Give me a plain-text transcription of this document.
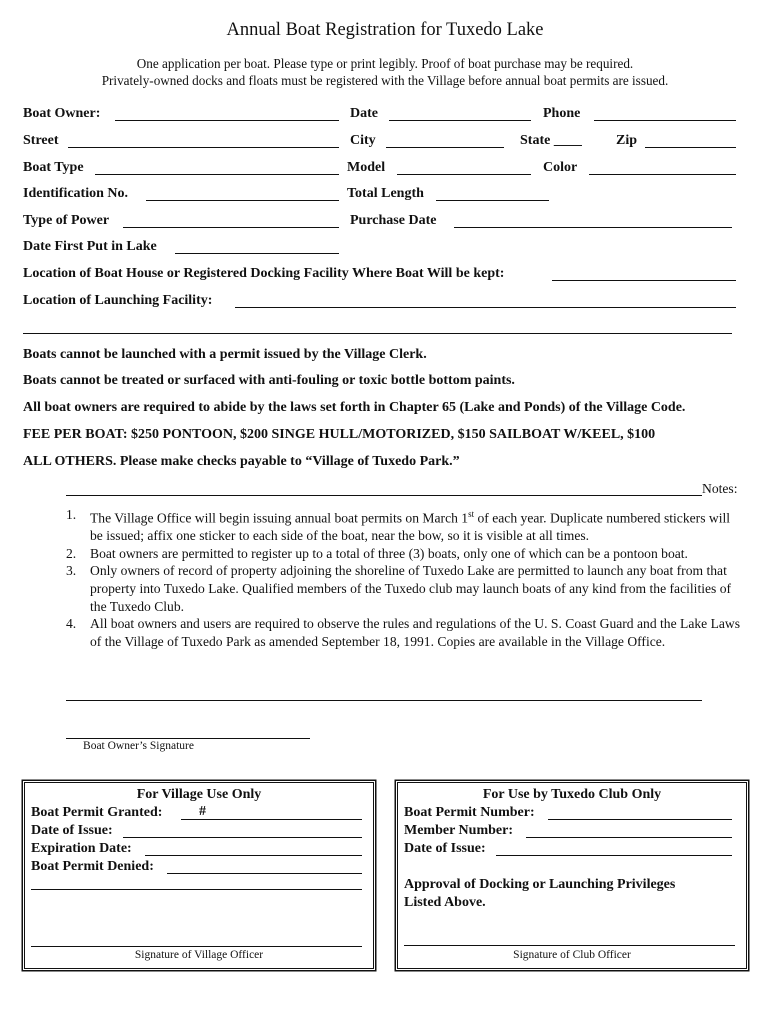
Annual Boat Registration for Tuxedo Lake
One application per boat. Please type or print legibly. Proof of boat purchase may be required.
Privately-owned docks and floats must be registered with the Village before annual boat permits are issued.
Boat Owner:	Date	Phone
Street	City	State ____ Zip
Boat Type	Model	Color
Identification No.	Total Length
Type of Power	Purchase Date
Date First Put in Lake
Location of Boat House or Registered Docking Facility Where Boat Will be kept:
Location of Launching Facility:
Boats cannot be launched with a permit issued by the Village Clerk.
Boats cannot be treated or surfaced with anti-fouling or toxic bottle bottom paints.
All boat owners are required to abide by the laws set forth in Chapter 65 (Lake and Ponds) of the Village Code.
FEE PER BOAT: $250 PONTOON, $200 SINGE HULL/MOTORIZED, $150 SAILBOAT W/KEEL, $100
ALL OTHERS. Please make checks payable to “Village of Tuxedo Park.”
Notes:
1. The Village Office will begin issuing annual boat permits on March 1st of each year. Duplicate numbered stickers will be issued; affix one sticker to each side of the boat, near the bow, so it is visible at all times.
2. Boat owners are permitted to register up to a total of three (3) boats, only one of which can be a pontoon boat.
3. Only owners of record of property adjoining the shoreline of Tuxedo Lake are permitted to launch any boat from that property into Tuxedo Lake. Qualified members of the Tuxedo club may launch boats of any kind from the facilities of the Tuxedo Club.
4. All boat owners and users are required to observe the rules and regulations of the U. S. Coast Guard and the Lake Laws of the Village of Tuxedo Park as amended September 18, 1991. Copies are available in the Village Office.
Boat Owner’s Signature
For Village Use Only
Boat Permit Granted:	#
Date of Issue:
Expiration Date:
Boat Permit Denied:
Signature of Village Officer
For Use by Tuxedo Club Only
Boat Permit Number:
Member Number:
Date of Issue:
Approval of Docking or Launching Privileges
Listed Above.
Signature of Club Officer
